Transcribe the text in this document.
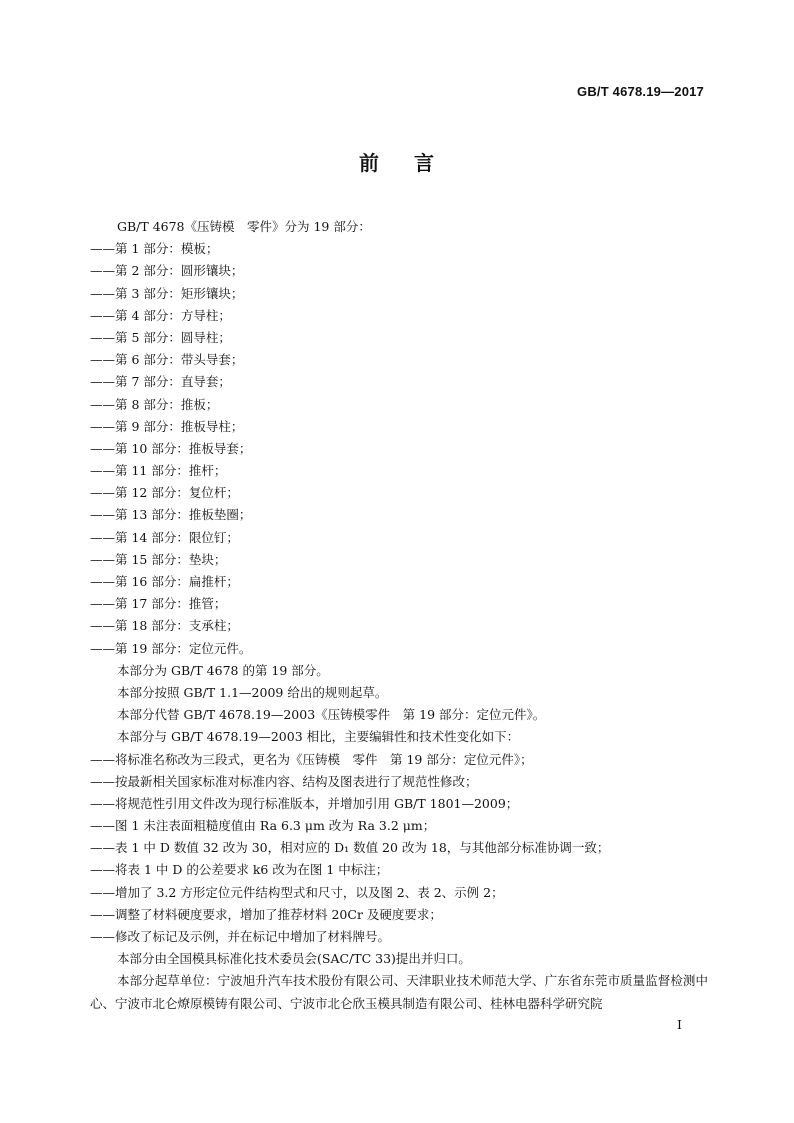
GB/T 4678.19—2017
前 言
GB/T 4678《压铸模　零件》分为 19 部分：
——第 1 部分：模板；
——第 2 部分：圆形镶块；
——第 3 部分：矩形镶块；
——第 4 部分：方导柱；
——第 5 部分：圆导柱；
——第 6 部分：带头导套；
——第 7 部分：直导套；
——第 8 部分：推板；
——第 9 部分：推板导柱；
——第 10 部分：推板导套；
——第 11 部分：推杆；
——第 12 部分：复位杆；
——第 13 部分：推板垫圈；
——第 14 部分：限位钉；
——第 15 部分：垫块；
——第 16 部分：扁推杆；
——第 17 部分：推管；
——第 18 部分：支承柱；
——第 19 部分：定位元件。
本部分为 GB/T 4678 的第 19 部分。
本部分按照 GB/T 1.1—2009 给出的规则起草。
本部分代替 GB/T 4678.19—2003《压铸模零件　第 19 部分：定位元件》。
本部分与 GB/T 4678.19—2003 相比，主要编辑性和技术性变化如下：
——将标准名称改为三段式，更名为《压铸模　零件　第 19 部分：定位元件》；
——按最新相关国家标准对标准内容、结构及图表进行了规范性修改；
——将规范性引用文件改为现行标准版本，并增加引用 GB/T 1801—2009；
——图 1 未注表面粗糙度值由 Ra 6.3 μm 改为 Ra 3.2 μm；
——表 1 中 D 数值 32 改为 30，相对应的 D₁ 数值 20 改为 18，与其他部分标准协调一致；
——将表 1 中 D 的公差要求 k6 改为在图 1 中标注；
——增加了 3.2 方形定位元件结构型式和尺寸，以及图 2、表 2、示例 2；
——调整了材料硬度要求，增加了推荐材料 20Cr 及硬度要求；
——修改了标记及示例，并在标记中增加了材料牌号。
本部分由全国模具标准化技术委员会(SAC/TC 33)提出并归口。
本部分起草单位：宁波旭升汽车技术股份有限公司、天津职业技术师范大学、广东省东莞市质量监督检测中心、宁波市北仑燎原模铸有限公司、宁波市北仑欣玉模具制造有限公司、桂林电器科学研究院
I
